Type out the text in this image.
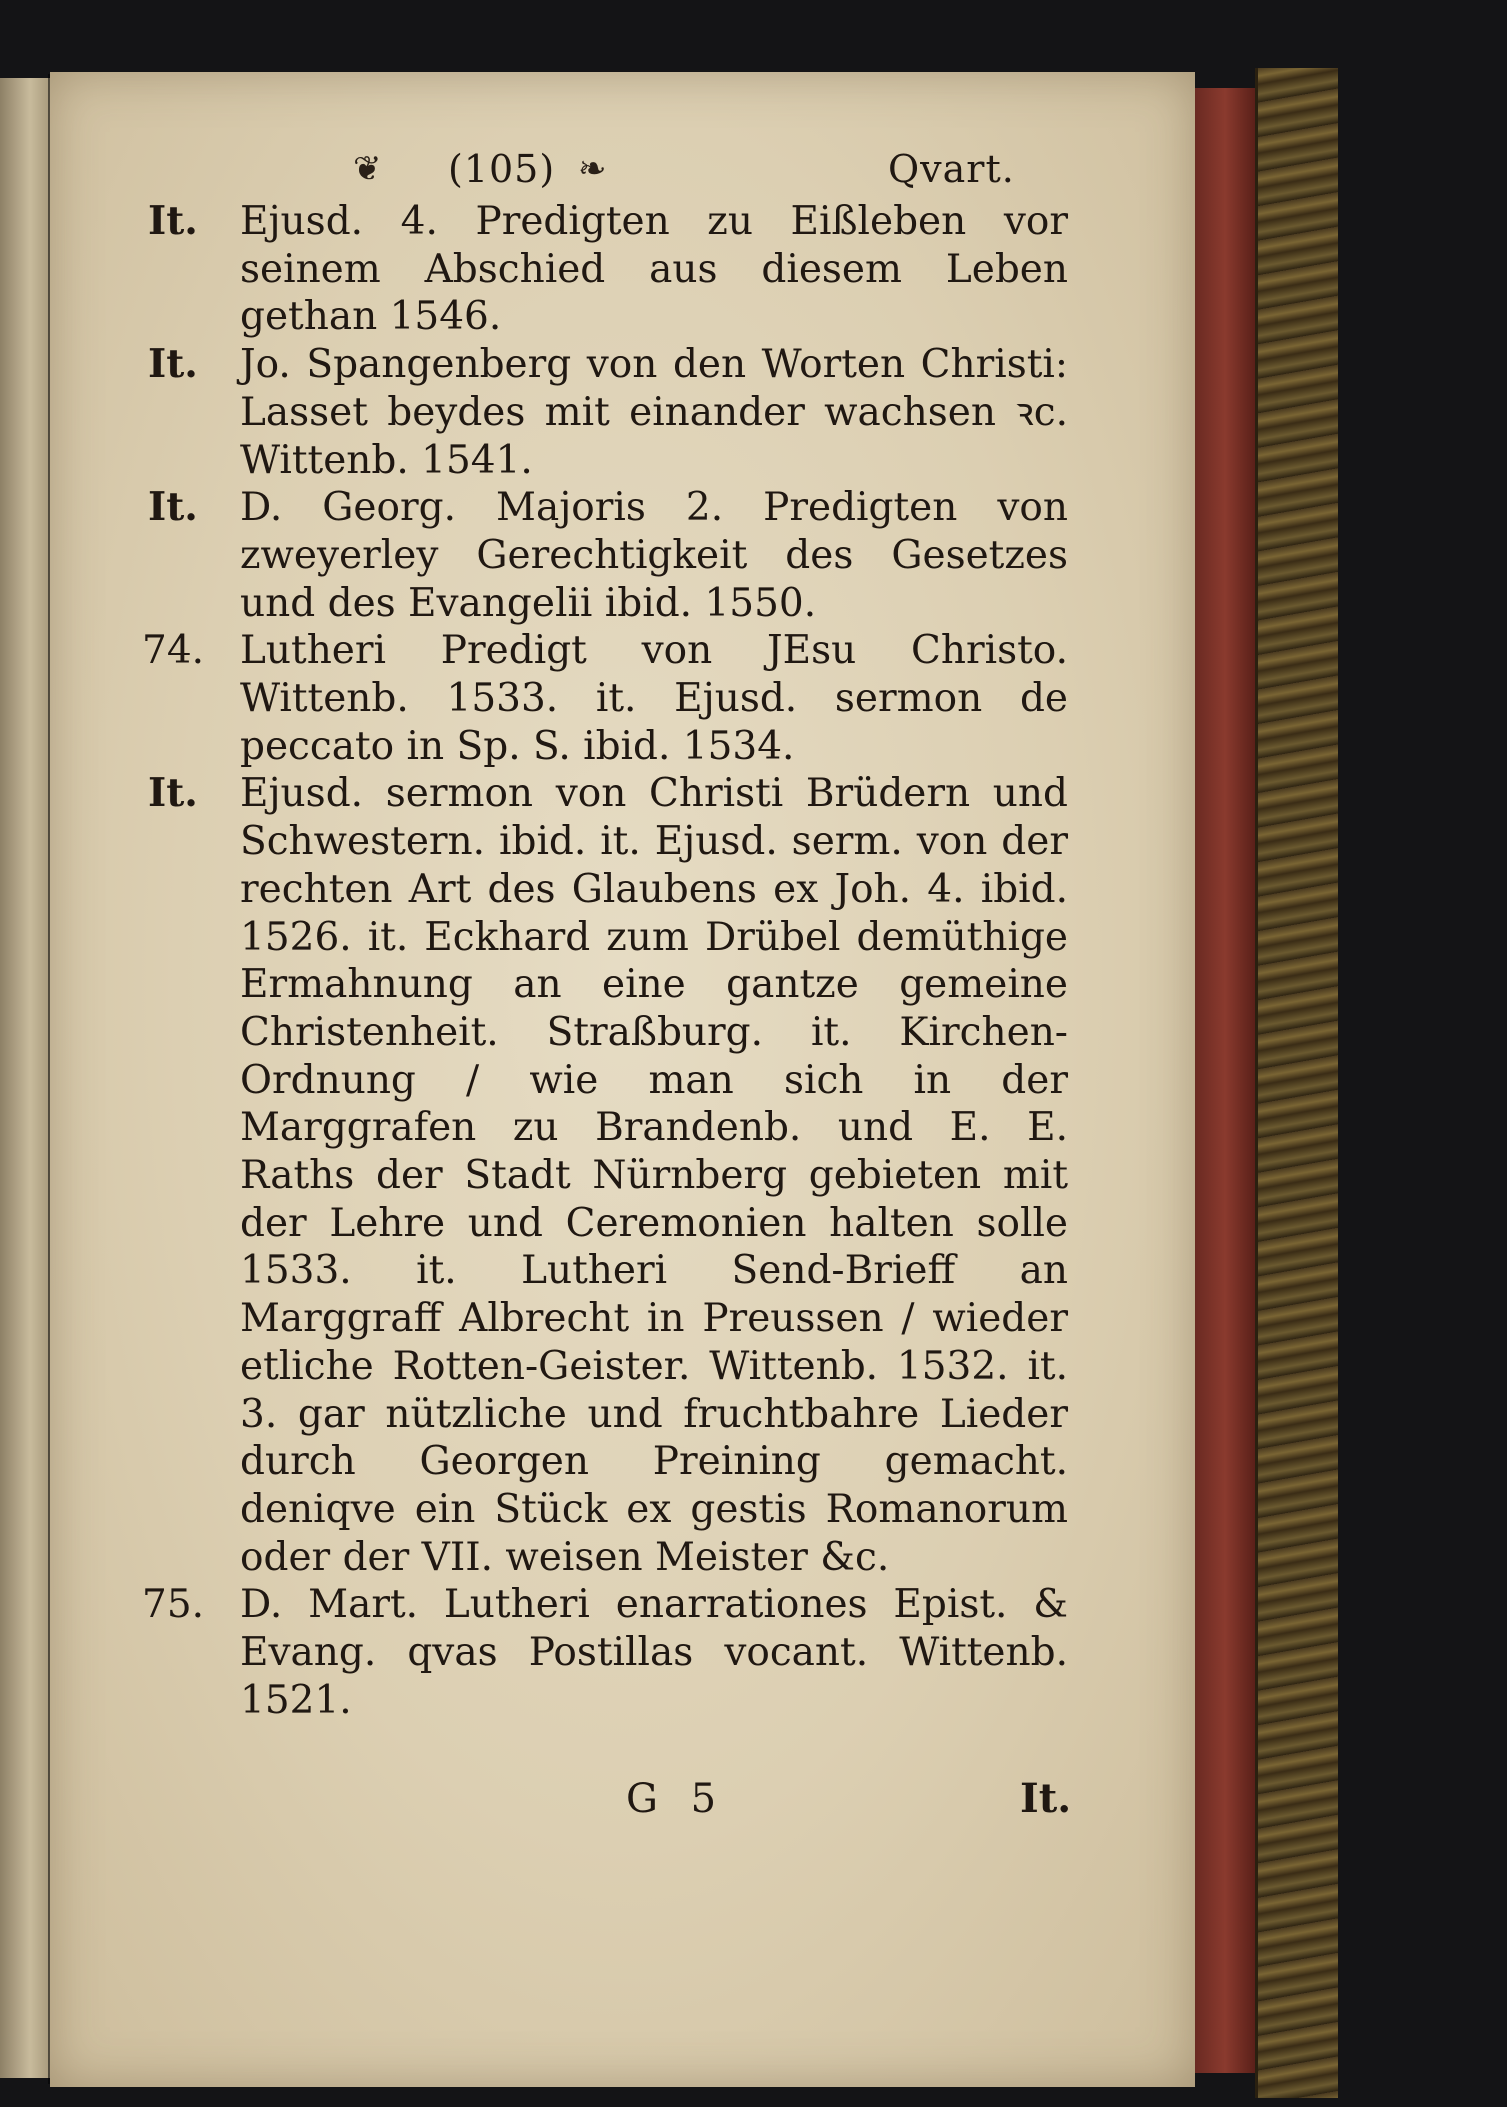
❦ (105) ❧	Qvart.
It.	Ejusd. 4. Predigten zu Eißleben vor seinem Abschied aus diesem Leben gethan 1546.
It.	Jo. Spangenberg von den Worten Christi: Lasset beydes mit einander wachsen ꝛc. Wittenb. 1541.
It.	D. Georg. Majoris 2. Predigten von zweyerley Gerechtigkeit des Gesetzes und des Evangelii ibid. 1550.
74. Lutheri Predigt von JEsu Christo. Wittenb. 1533. it. Ejusd. sermon de peccato in Sp. S. ibid. 1534.
It.	Ejusd. sermon von Christi Brüdern und Schwestern. ibid. it. Ejusd. serm. von der rechten Art des Glaubens ex Joh. 4. ibid. 1526. it. Eckhard zum Drübel demüthige Ermahnung an eine gantze gemeine Christenheit. Straßburg. it. Kirchen-Ordnung / wie man sich in der Marggrafen zu Brandenb. und E. E. Raths der Stadt Nürnberg gebieten mit der Lehre und Ceremonien halten solle 1533. it. Lutheri Send-Brieff an Marggraff Albrecht in Preussen / wieder etliche Rotten-Geister. Wittenb. 1532. it. 3. gar nützliche und fruchtbahre Lieder durch Georgen Preining gemacht. deniqve ein Stück ex gestis Romanorum oder der VII. weisen Meister &c.
75. D. Mart. Lutheri enarrationes Epist. & Evang. qvas Postillas vocant. Wittenb. 1521.
G 5	It.
